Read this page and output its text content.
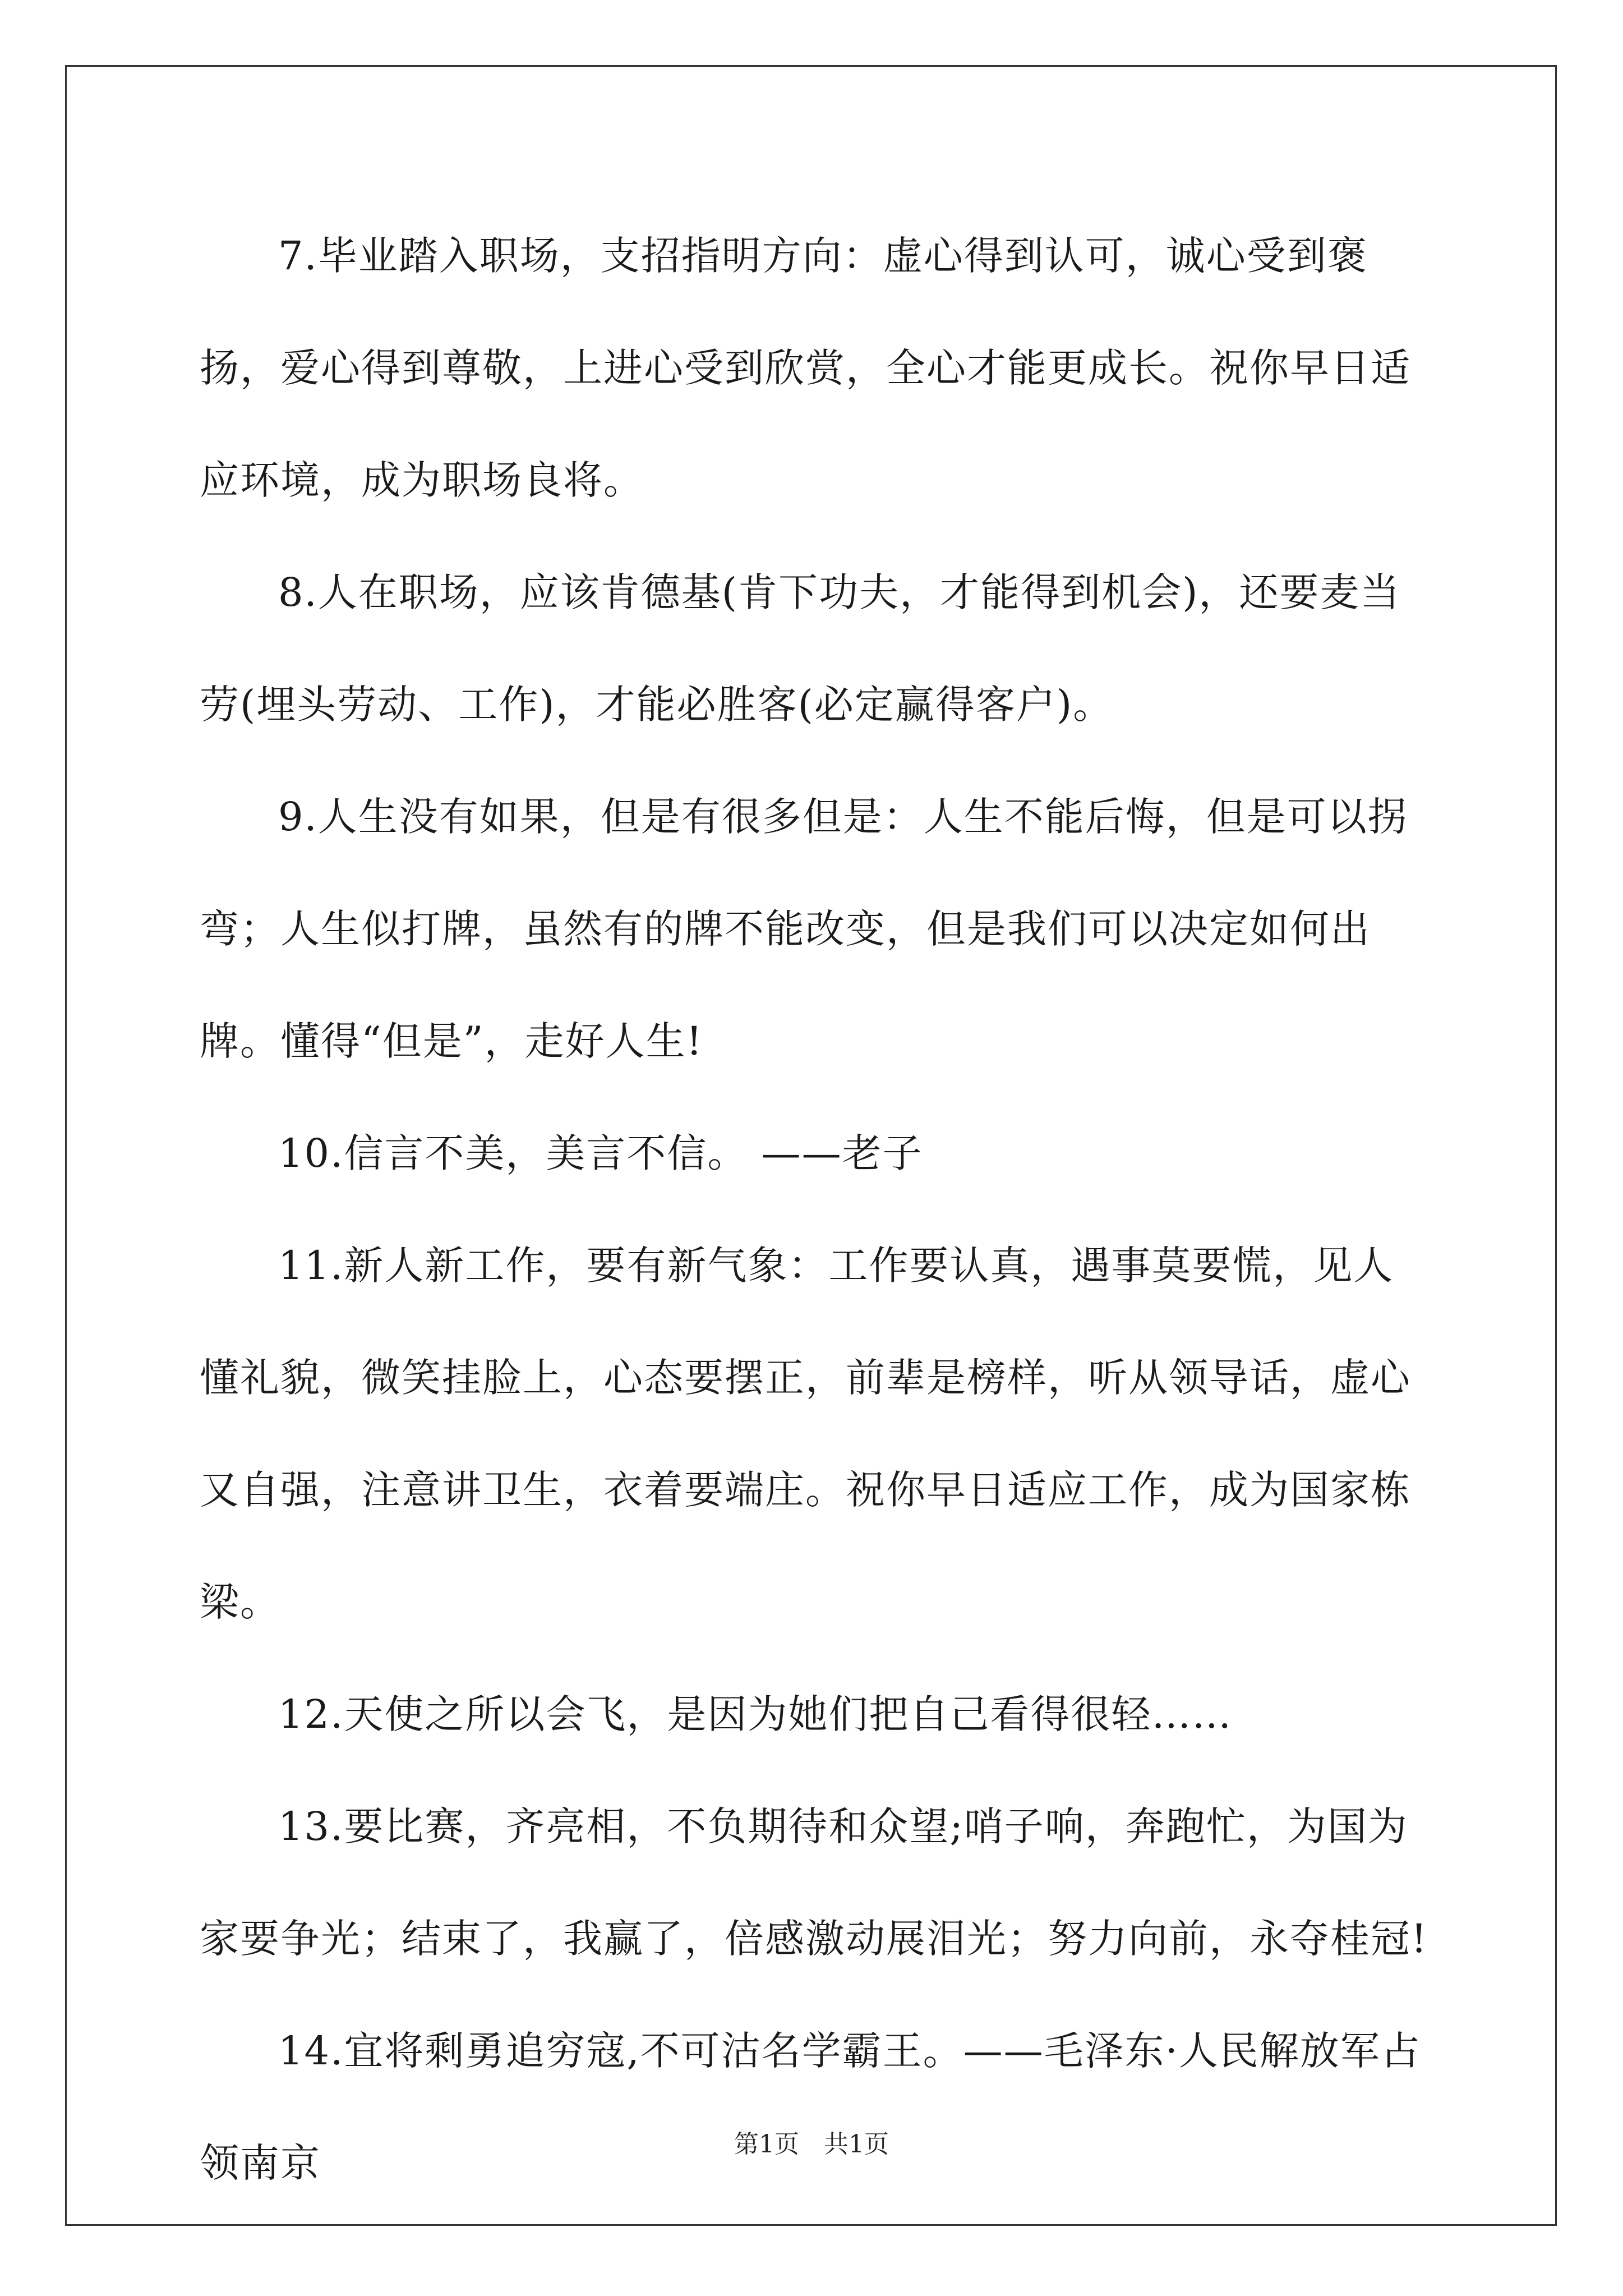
7.毕业踏入职场，支招指明方向：虚心得到认可，诚心受到褒扬，爱心得到尊敬，上进心受到欣赏，全心才能更成长。祝你早日适应环境，成为职场良将。

8.人在职场，应该肯德基(肯下功夫，才能得到机会)，还要麦当劳(埋头劳动、工作)，才能必胜客(必定赢得客户)。

9.人生没有如果，但是有很多但是：人生不能后悔，但是可以拐弯；人生似打牌，虽然有的牌不能改变，但是我们可以决定如何出牌。懂得“但是”，走好人生!

10.信言不美，美言不信。 ——老子

11.新人新工作，要有新气象：工作要认真，遇事莫要慌，见人懂礼貌，微笑挂脸上，心态要摆正，前辈是榜样，听从领导话，虚心又自强，注意讲卫生，衣着要端庄。祝你早日适应工作，成为国家栋梁。

12.天使之所以会飞，是因为她们把自己看得很轻……

13.要比赛，齐亮相，不负期待和众望;哨子响，奔跑忙，为国为家要争光；结束了，我赢了，倍感激动展泪光；努力向前，永夺桂冠!

14.宜将剩勇追穷寇,不可沽名学霸王。——毛泽东·人民解放军占领南京	第1页　共1页
